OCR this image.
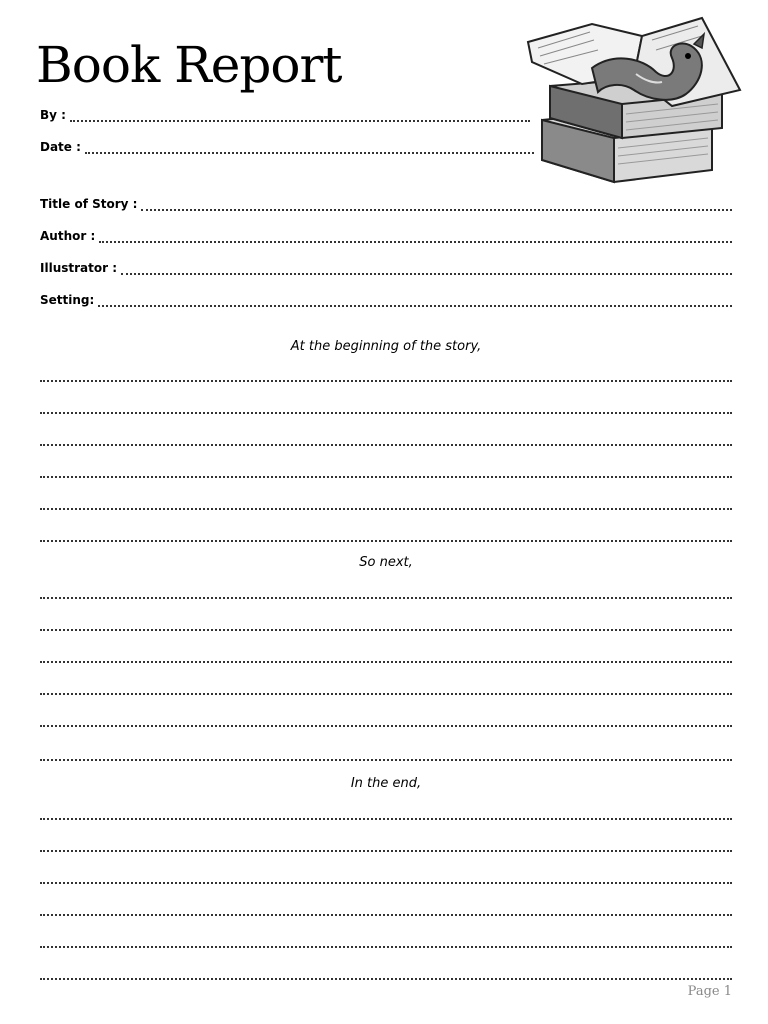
Book Report
By :
Date :
Title of Story :
Author :
Illustrator :
Setting:
At the beginning of the story,
So next,
In the end,
Page 1
